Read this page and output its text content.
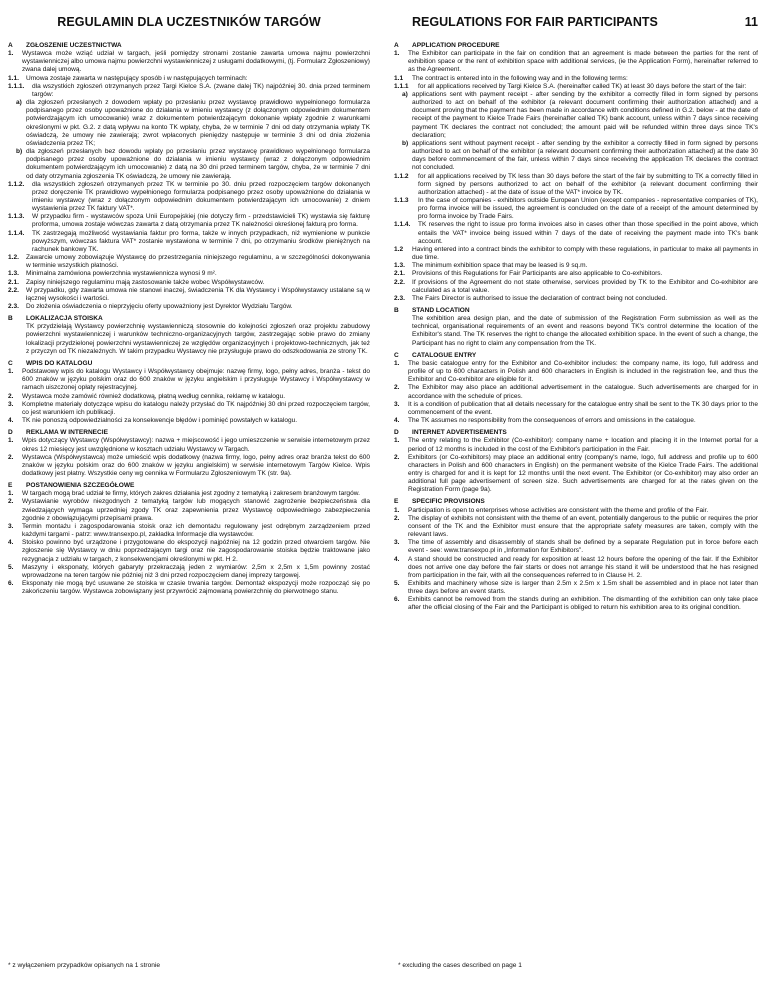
REGULAMIN DLA UCZESTNIKÓW TARGÓW
A	ZGŁOSZENIE UCZESTNICTWA
1.	Wystawca może wziąć udział w targach, jeśli pomiędzy stronami zostanie zawarta umowa najmu powierzchni wystawienniczej albo umowa najmu powierzchni wystawienniczej z usługami dodatkowymi, (tj. Formularz Zgłoszeniowy) zwana dalej umową.
1.1.	Umowa zostaje zawarta w następujący sposób i w następujących terminach:
1.1.1.	dla wszystkich zgłoszeń otrzymanych przez Targi Kielce S.A. (zwane dalej TK) najpóźniej 30. dnia przed terminem targów:
a) dla zgłoszeń przesłanych z dowodem wpłaty po przesłaniu przez wystawcę prawidłowo wypełnionego formularza podpisanego przez osoby upoważnione do działania w imieniu wystawcy (z dołączonym odpowiednim dokumentem potwierdzającym ich umocowanie) wraz z dokumentem potwierdzającym dokonanie wpłaty zgodnie z warunkami określonymi w pkt. G.2. z datą wpływu na konto TK wpłaty, chyba, że w terminie 7 dni od daty otrzymania wpłaty TK oświadczą, że umowy nie zawierają; zwrot wpłaconych pieniędzy następuje w terminie 3 dni od dnia złożenia oświadczenia przez TK;
b) dla zgłoszeń przesłanych bez dowodu wpłaty po przesłaniu przez wystawcę prawidłowo wypełnionego formularza podpisanego przez osoby upoważnione do działania w imieniu wystawcy (wraz z dołączonym odpowiednim dokumentem potwierdzającym ich umocowanie) z datą na 30 dni przed terminem targów, chyba, że w terminie 7 dni od daty otrzymania zgłoszenia TK oświadczą, że umowy nie zawierają.
1.1.2.	dla wszystkich zgłoszeń otrzymanych przez TK w terminie po 30. dniu przed rozpoczęciem targów dokonanych przez doręczenie TK prawidłowo wypełnionego formularza podpisanego przez osoby upoważnione do działania w imieniu wystawcy (wraz z dołączonym odpowiednim dokumentem potwierdzającym ich umocowanie) z dniem wystawienia przez TK faktury VAT*.
1.1.3.	W przypadku firm - wystawców spoza Unii Europejskiej (nie dotyczy firm - przedstawicieli TK) wystawia się fakturę proforma, umowa zostaje wówczas zawarta z datą otrzymania przez TK należności określonej fakturą pro forma.
1.1.4.	TK zastrzegają możliwość wystawiania faktur pro forma, także w innych przypadkach, niż wymienione w punkcie powyższym, wówczas faktura VAT* zostanie wystawiona w terminie 7 dni, po otrzymaniu środków pieniężnych na rachunek bankowy TK.
1.2.	Zawarcie umowy zobowiązuje Wystawcę do przestrzegania niniejszego regulaminu, a w szczególności dokonywania w terminie wszystkich płatności.
1.3.	Minimalna zamówiona powierzchnia wystawiennicza wynosi 9 m².
2.1.	Zapisy niniejszego regulaminu mają zastosowanie także wobec Współwystawców.
2.2.	W przypadku, gdy zawarta umowa nie stanowi inaczej, świadczenia TK dla Wystawcy i Współwystawcy ustalane są w łącznej wysokości i wartości.
2.3.	Do złożenia oświadczenia o nieprzyjęciu oferty upoważniony jest Dyrektor Wydziału Targów.
B	LOKALIZACJA STOISKA
TK przydzielają Wystawcy powierzchnię wystawienniczą stosownie do kolejności zgłoszeń oraz projektu zabudowy powierzchni wystawienniczej i warunków techniczno-organizacyjnych targów, zastrzegając sobie prawo do zmiany lokalizacji przydzielonej powierzchni wystawienniczej ze względów organizacyjnych i projektowo-technicznych, jak też z przyczyn od TK niezależnych. W takim przypadku Wystawcy nie przysługuje prawo do odszkodowania ze strony TK.
C	WPIS DO KATALOGU
1.	Podstawowy wpis do katalogu Wystawcy i Współwystawcy obejmuje: nazwę firmy, logo, pełny adres, branża - tekst do 600 znaków w języku polskim oraz do 600 znaków w języku angielskim i przysługuje Wystawcy i Współwystawcy w ramach uiszczonej opłaty rejestracyjnej.
2.	Wystawca może zamówić również dodatkową, płatną według cennika, reklamę w katalogu.
3.	Kompletne materiały dotyczące wpisu do katalogu należy przysłać do TK najpóźniej 30 dni przed rozpoczęciem targów, co jest warunkiem ich publikacji.
4.	TK nie ponoszą odpowiedzialności za konsekwencje błędów i pominięć powstałych w katalogu.
D	REKLAMA W INTERNECIE
1.	Wpis dotyczący Wystawcy (Współwystawcy): nazwa + miejscowość i jego umieszczenie w serwisie internetowym przez okres 12 miesięcy jest uwzględnione w kosztach udziału Wystawcy w Targach.
2.	Wystawca (Współwystawca) może umieścić wpis dodatkowy (nazwa firmy, logo, pełny adres oraz branża tekst do 600 znaków w języku polskim oraz do 600 znaków w języku angielskim) w serwisie internetowym Targów Kielce. Wpis dodatkowy jest płatny. Wszystkie ceny wg cennika w Formularzu Zgłoszeniowym TK (str. 9a).
E	POSTANOWIENIA SZCZEGÓŁOWE
1.	W targach mogą brać udział te firmy, których zakres działania jest zgodny z tematyką i zakresem branżowym targów.
2.	Wystawianie wyrobów niezgodnych z tematyką targów lub mogących stanowić zagrożenie bezpieczeństwa dla zwiedzających wymaga uprzedniej zgody TK oraz zapewnienia przez Wystawcę odpowiedniego zabezpieczenia zgodnie z obowiązującymi przepisami prawa.
3.	Termin montażu i zagospodarowania stoisk oraz ich demontażu regulowany jest odrębnym zarządzeniem przed każdymi targami - patrz: www.transexpo.pl, zakładka Informacje dla wystawców.
4.	Stoisko powinno być urządzone i przygotowane do ekspozycji najpóźniej na 12 godzin przed otwarciem targów. Nie zgłoszenie się Wystawcy w dniu poprzedzającym targi oraz nie zagospodarowanie stoiska będzie traktowane jako rezygnacja z udziału w targach, z konsekwencjami określonymi w pkt. H 2.
5.	Maszyny i eksponaty, których gabaryty przekraczają jeden z wymiarów: 2,5m x 2,5m x 1,5m powinny zostać wprowadzone na teren targów nie później niż 3 dni przed rozpoczęciem danej imprezy targowej.
6.	Eksponaty nie mogą być usuwane ze stoiska w czasie trwania targów. Demontaż ekspozycji może rozpocząć się po zakończeniu targów. Wystawca zobowiązany jest przywrócić zajmowaną powierzchnię do pierwotnego stanu.
REGULATIONS FOR FAIR PARTICIPANTS	11
A	APPLICATION PROCEDURE
1.	The Exhibitor can participate in the fair on condition that an agreement is made between the parties for the rent of exhibition space or the rent of exhibition space with additional services, (ie the Application Form), hereinafter referred to as the Agreement.
1.1	The contract is entered into in the following way and in the following terms:
1.1.1	for all applications received by Targi Kielce S.A. (hereinafter called TK) at least 30 days before the start of the fair:
a) applications sent with payment receipt - after sending by the exhibitor a correctly filled in form signed by persons authorized to act on behalf of the exhibitor (a relevant document confirming their authorization attached) and a document proving that the payment has been made in accordance with conditions defined in G.2. below - at the date of receipt of the payment to Kielce Trade Fairs (hereinafter called TK) bank account, unless within 7 days since receiving payment TK declares the contract not concluded; the amount paid will be refunded within three days since TK's declaration;
b) applications sent without payment receipt - after sending by the exhibitor a correctly filled in form signed by persons authorized to act on behalf of the exhibitor (a relevant document confirming their authorization attached) at the date 30 days before commencement of the fair, unless within 7 days since receiving the application TK declares the contract not concluded.
1.1.2	for all applications received by TK less than 30 days before the start of the fair by submitting to TK a correctly filled in form signed by persons authorized to act on behalf of the exhibitor (a relevant document confirming their authorization attached) - at the date of issue of the VAT* invoice by TK.
1.1.3	In the case of companies - exhibitors outside European Union (except companies - representative companies of TK), pro forma invoice will be issued, the agreement is concluded on the date of a receipt of the amount determined by pro forma invoice by Trade Fairs.
1.1.4.	TK reserves the right to issue pro forma invoices also in cases other than those specified in the point above, which entails the VAT* invoice being issued within 7 days of the date of receiving the payment made into TK's bank account.
1.2	Having entered into a contract binds the exhibitor to comply with these regulations, in particular to make all payments in due time.
1.3.	The minimum exhibition space that may be leased is 9 sq.m.
2.1.	Provisions of this Regulations for Fair Participants are also applicable to Co-exhibitors.
2.2.	If provisions of the Agreement do not state otherwise, services provided by TK to the Exhibitor and Co-exhibitor are calculated as a total value.
2.3.	The Fairs Director is authorised to issue the declaration of contract being not concluded.
B	STAND LOCATION
The exhibition area design plan, and the date of submission of the Registration Form submission as well as the technical, organisational requirements of an event and reasons beyond TK's control determine the location of the Exhibitor's stand. The TK reserves the right to change the allocated exhibition space. In the event of such a change, the Participant has no right to claim any compensation from the TK.
C	CATALOGUE ENTRY
1.	The basic catalogue entry for the Exhibitor and Co-exhibitor includes: the company name, its logo, full address and profile of up to 600 characters in Polish and 600 characters in English is included in the registration fee, and thus the Exhibitor and Co-exhibitor are eligible for it.
2.	The Exhibitor may also place an additional advertisement in the catalogue. Such advertisements are charged for in accordance with the schedule of prices.
3.	It is a condition of publication that all details necessary for the catalogue entry shall be sent to the TK 30 days prior to the commencement of the event.
4.	The TK assumes no responsibility from the consequences of errors and omissions in the catalogue.
D	INTERNET ADVERTISEMENTS
1.	The entry relating to the Exhibitor (Co-exhibitor): company name + location and placing it in the Internet portal for a period of 12 months is included in the cost of the Exhibitor's participation in the Fair.
2.	Exhibitors (or Co-exhibitors) may place an additional entry (company's name, logo, full address and profile up to 600 characters in Polish and 600 characters in English) on the permanent website of the Kielce Trade Fairs. The additional entry is charged for and it is kept for 12 months until the next event. The Exhibitor (or Co-exhibitor) may also order an additional full page advertisement of screen size. Such advertisements are charged for at the rates given on the Registration Form (page 9a).
E	SPECIFIC PROVISIONS
1.	Participation is open to enterprises whose activities are consistent with the theme and profile of the Fair.
2.	The display of exhibits not consistent with the theme of an event, potentially dangerous to the public or requires the prior consent of the TK and the Exhibitor must ensure that the appropriate safety measures are taken, comply with the relevant laws.
3.	The time of assembly and disassembly of stands shall be defined by a separate Regulation put in force before each event - see: www.transexpo.pl in „Information for Exhibitors”.
4.	A stand should be constructed and ready for exposition at least 12 hours before the opening of the fair. If the Exhibitor does not arrive one day before the fair starts or does not arrange his stand it will be understood that he has resigned from participation in the fair, with all the consequences referred to in Clause H. 2.
5.	Exhibits and machinery whose size is larger than 2.5m x 2.5m x 1.5m shall be assembled and in place not later than three days before an event starts.
6.	Exhibits cannot be removed from the stands during an exhibition. The dismantling of the exhibition can only take place after the official closing of the Fair and the Participant is obliged to return his exhibition area to its original condition.
* z wyłączeniem przypadków opisanych na 1 stronie	* excluding the cases described on page 1
